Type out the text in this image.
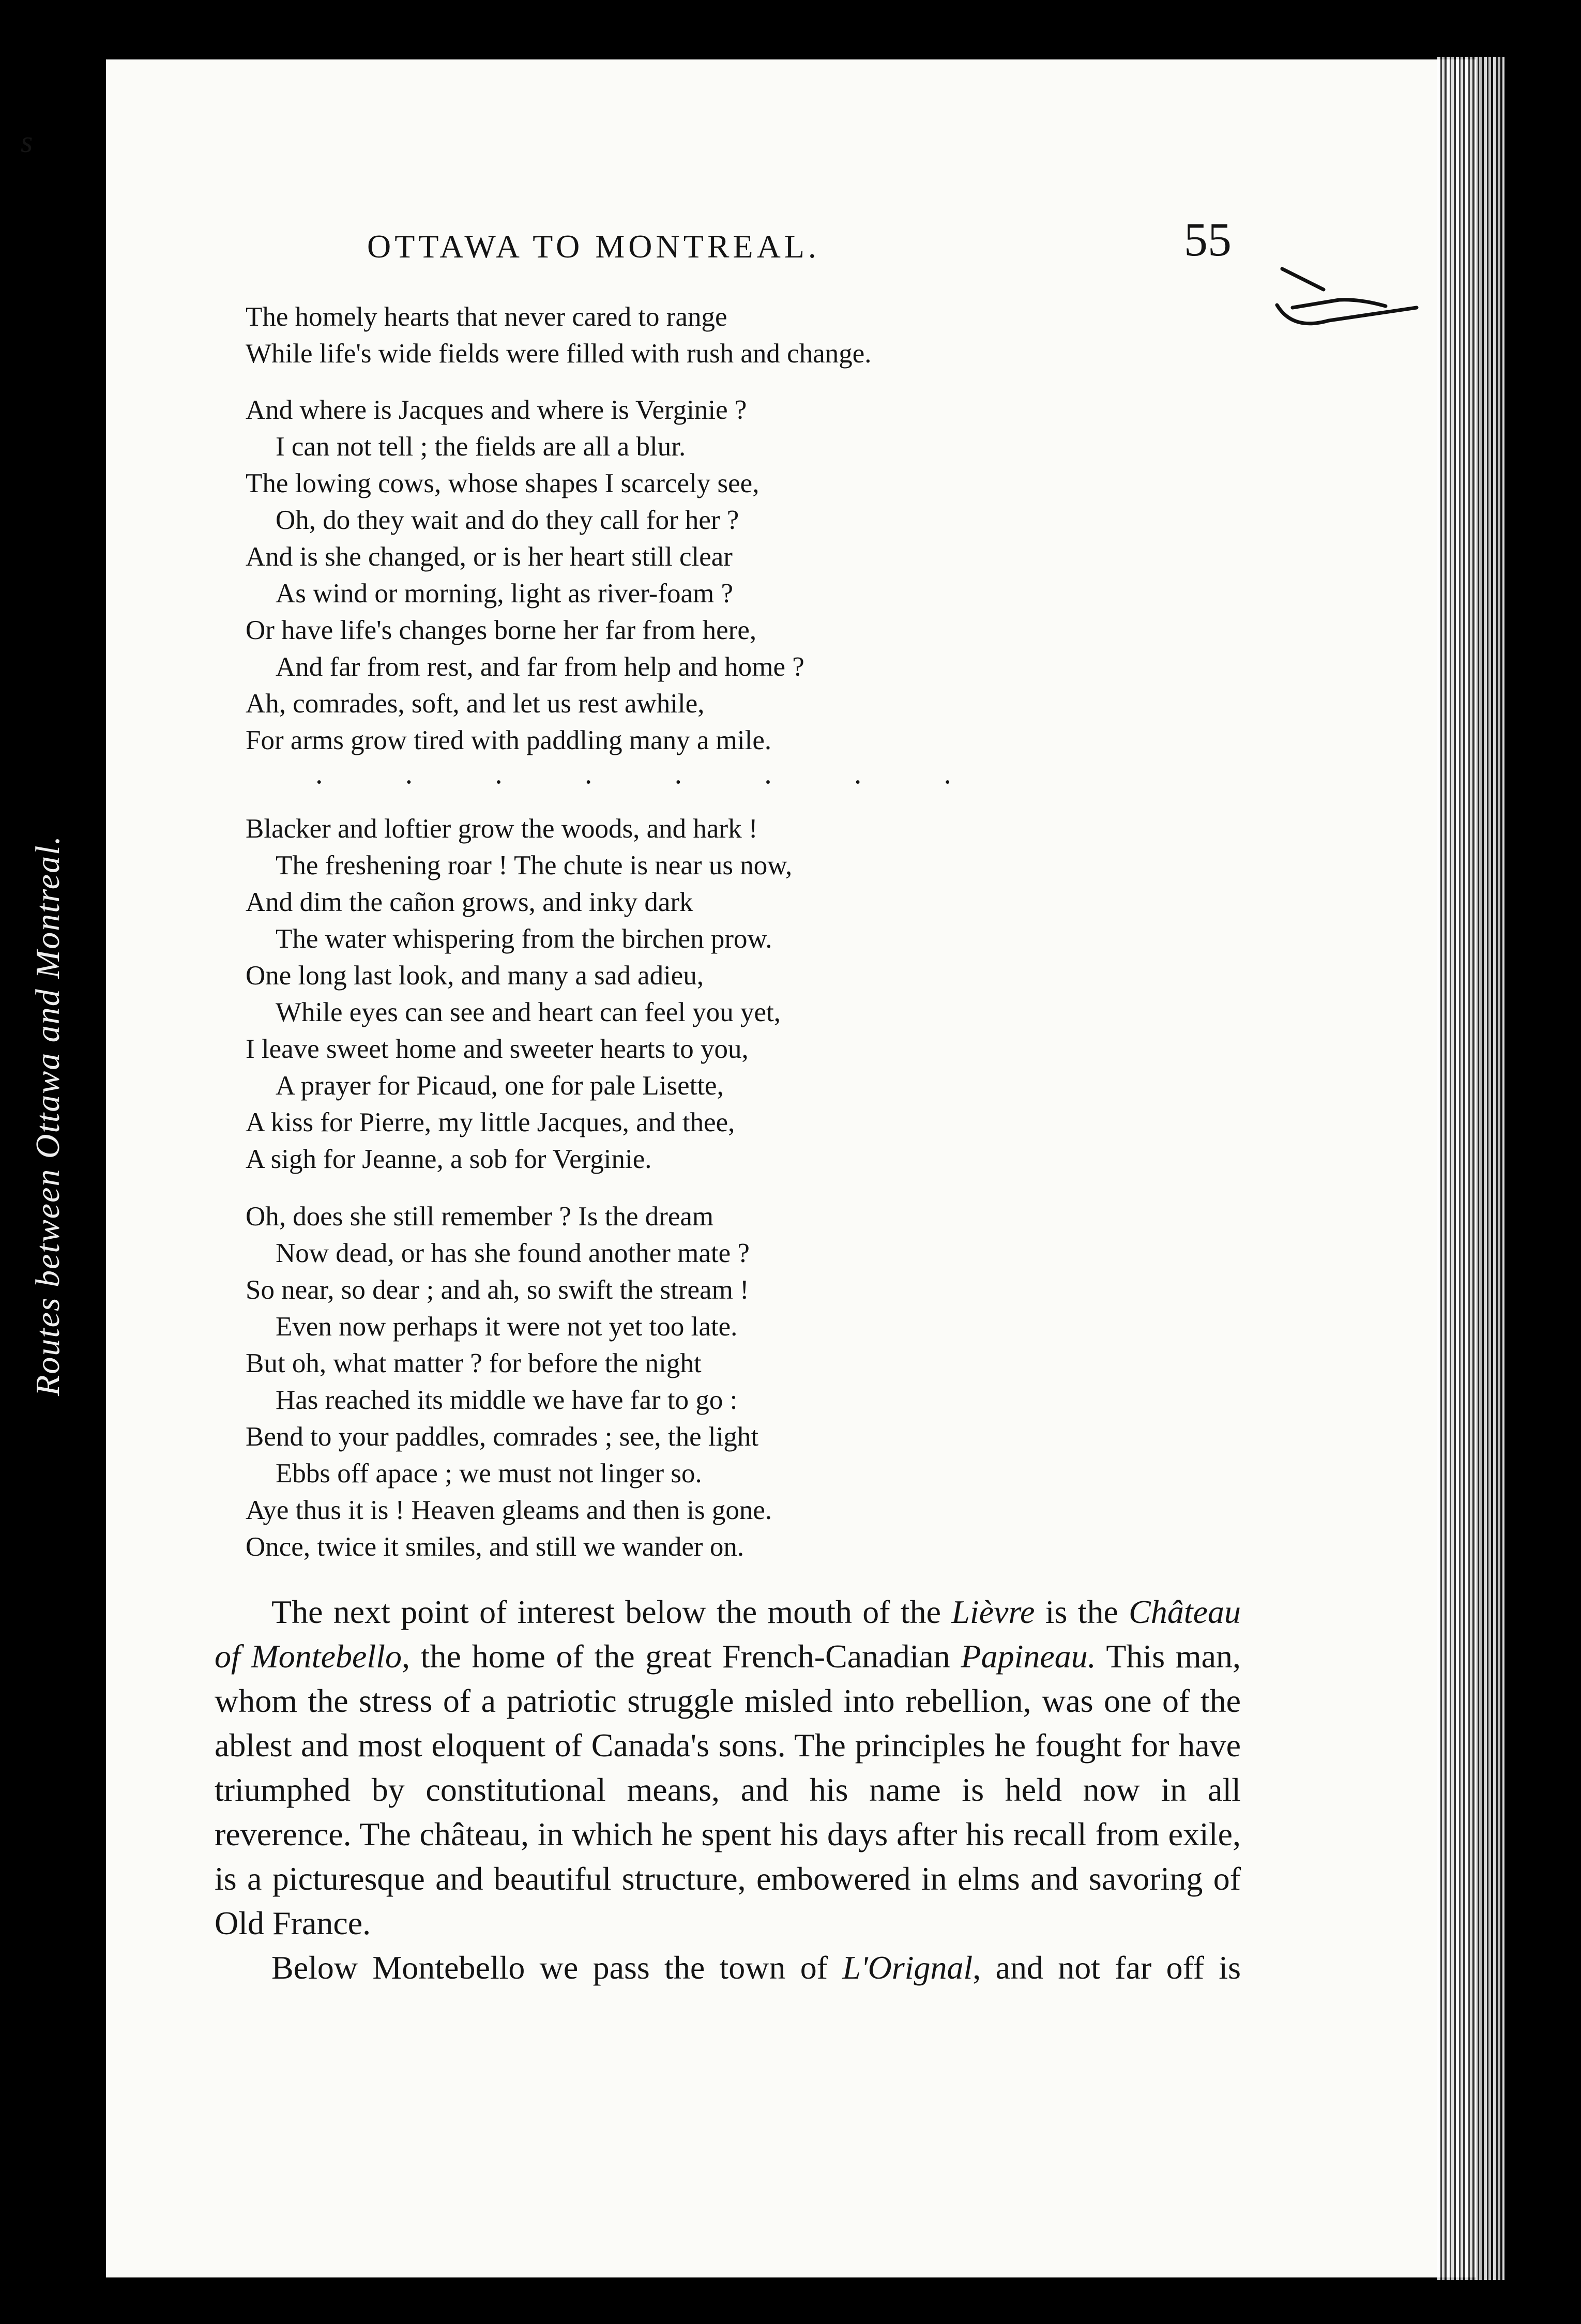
s
Routes between Ottawa and Montreal.
OTTAWA TO MONTREAL.	55
The homely hearts that never cared to range
While life's wide fields were filled with rush and change.
And where is Jacques and where is Verginie ?
I can not tell ; the fields are all a blur.
The lowing cows, whose shapes I scarcely see,
Oh, do they wait and do they call for her ?
And is she changed, or is her heart still clear
As wind or morning, light as river-foam ?
Or have life's changes borne her far from here,
And far from rest, and far from help and home ?
Ah, comrades, soft, and let us rest awhile,
For arms grow tired with paddling many a mile.
.	.	.	.	.	.	.	.
Blacker and loftier grow the woods, and hark !
The freshening roar ! The chute is near us now,
And dim the cañon grows, and inky dark
The water whispering from the birchen prow.
One long last look, and many a sad adieu,
While eyes can see and heart can feel you yet,
I leave sweet home and sweeter hearts to you,
A prayer for Picaud, one for pale Lisette,
A kiss for Pierre, my little Jacques, and thee,
A sigh for Jeanne, a sob for Verginie.
Oh, does she still remember ? Is the dream
Now dead, or has she found another mate ?
So near, so dear ; and ah, so swift the stream !
Even now perhaps it were not yet too late.
But oh, what matter ? for before the night
Has reached its middle we have far to go :
Bend to your paddles, comrades ; see, the light
Ebbs off apace ; we must not linger so.
Aye thus it is ! Heaven gleams and then is gone.
Once, twice it smiles, and still we wander on.

The next point of interest below the mouth of the Lièvre is the Château of Montebello, the home of the great French-Canadian Papineau. This man, whom the stress of a patriotic struggle misled into rebellion, was one of the ablest and most eloquent of Canada's sons. The principles he fought for have triumphed by constitutional means, and his name is held now in all reverence. The château, in which he spent his days after his recall from exile, is a picturesque and beautiful structure, embowered in elms and savoring of Old France.

Below Montebello we pass the town of L'Orignal, and not far off is
